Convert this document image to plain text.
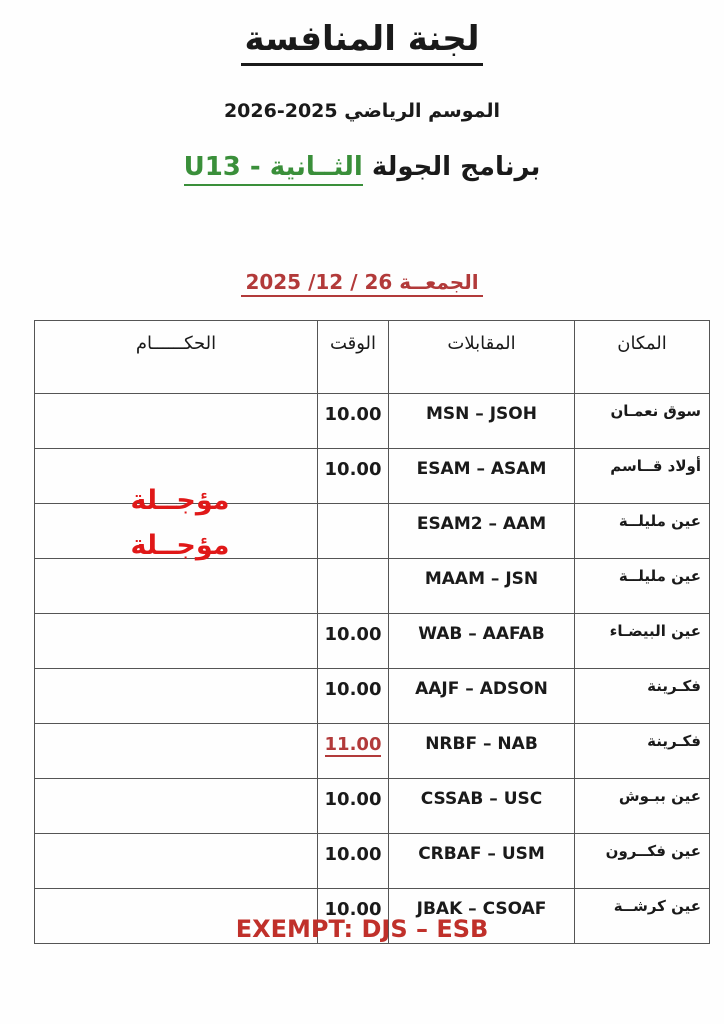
لجنة المنافسة
الموسم الرياضي 2025-2026
برنامج الجولة الثــانية - U13
الجمعــة 26 / 12/ 2025
الحكــــــام	الوقت	المقابلات	المكان
	10.00	MSN – JSOH	سوق نعمـان
	10.00	ESAM – ASAM	أولاد قــاسم
		ESAM2 – AAM	عين مليلــة
		MAAM – JSN	عين مليلــة
	10.00	WAB – AAFAB	عين البيضـاء
	10.00	AAJF – ADSON	فكـرينة
	11.00	NRBF – NAB	فكـرينة
	10.00	CSSAB – USC	عين ببـوش
	10.00	CRBAF – USM	عين فكــرون
	10.00	JBAK – CSOAF	عين كرشــة
مؤجــلة
مؤجــلة
EXEMPT: DJS – ESB
